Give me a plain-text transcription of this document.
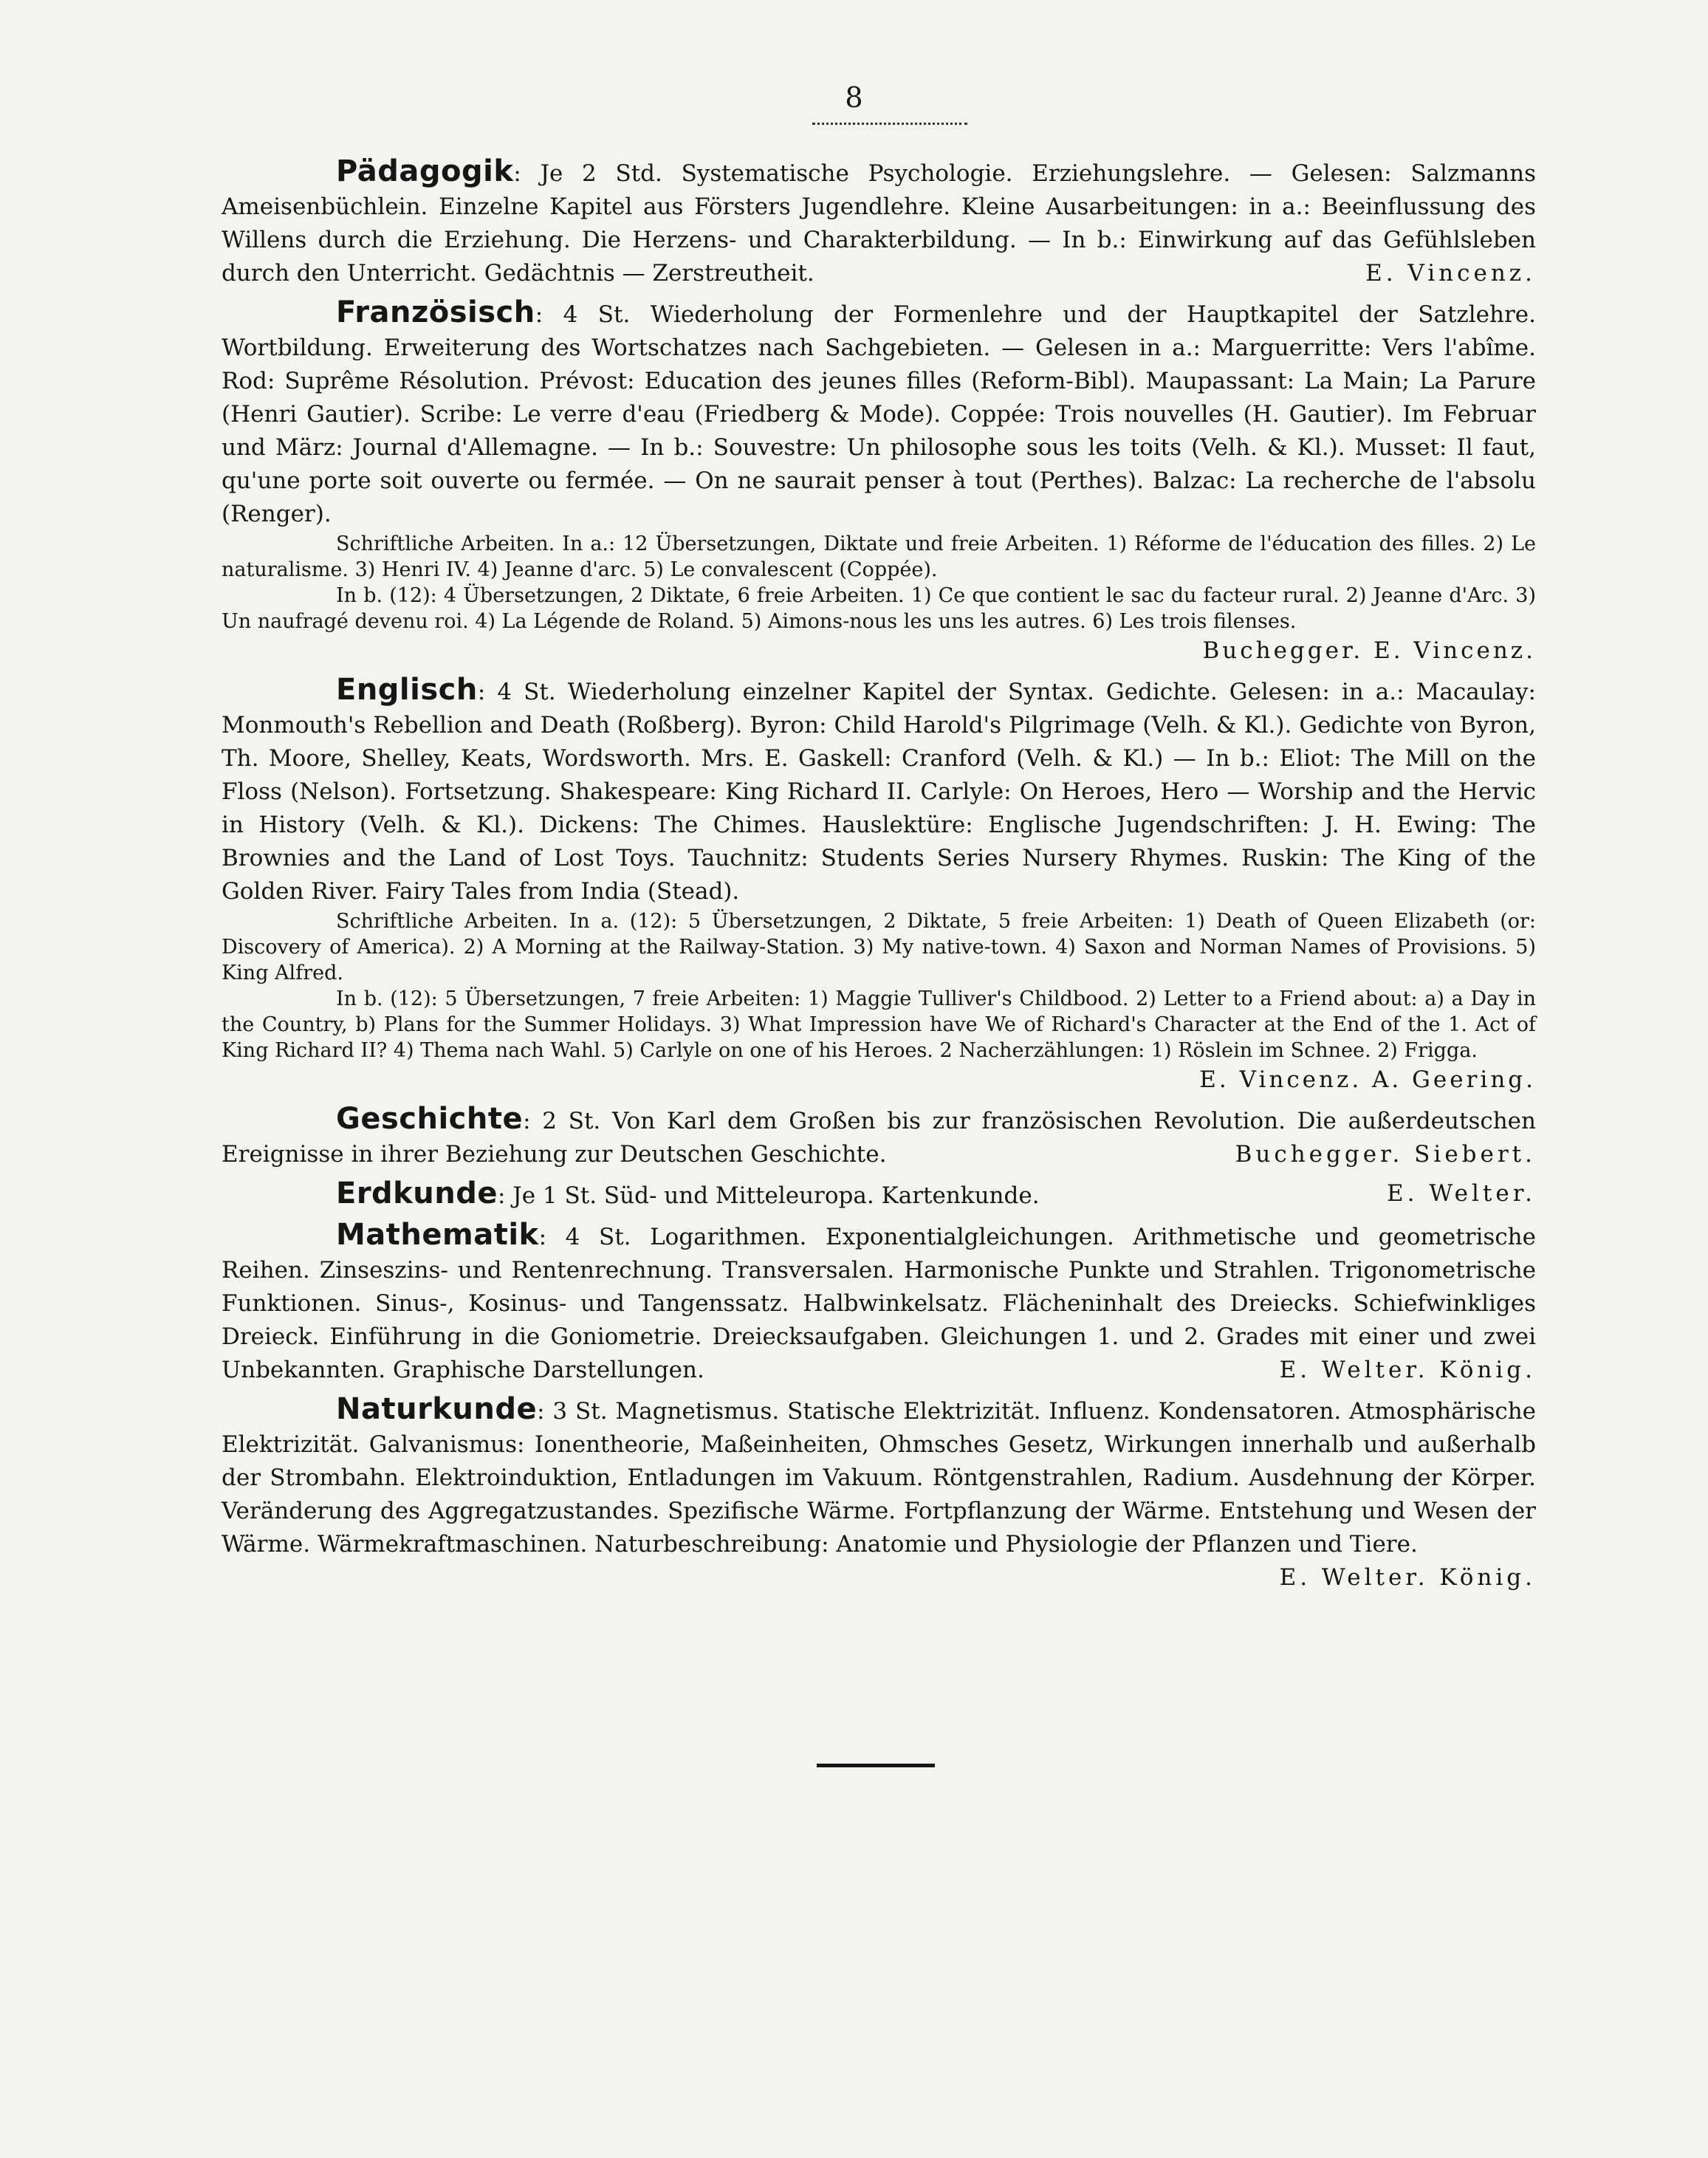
8

Pädagogik: Je 2 Std. Systematische Psychologie. Erziehungslehre. — Gelesen: Salzmanns Ameisenbüchlein. Einzelne Kapitel aus Försters Jugendlehre. Kleine Ausarbeitungen: in a.: Beeinflussung des Willens durch die Erziehung. Die Herzens- und Charakterbildung. — In b.: Einwirkung auf das Gefühlsleben durch den Unterricht. Gedächtnis — Zerstreutheit.	E. Vincenz.

Französisch: 4 St. Wiederholung der Formenlehre und der Hauptkapitel der Satzlehre. Wortbildung. Erweiterung des Wortschatzes nach Sachgebieten. — Gelesen in a.: Marguerritte: Vers l'abîme. Rod: Suprême Résolution. Prévost: Education des jeunes filles (Reform-Bibl). Maupassant: La Main; La Parure (Henri Gautier). Scribe: Le verre d'eau (Friedberg & Mode). Coppée: Trois nouvelles (H. Gautier). Im Februar und März: Journal d'Allemagne. — In b.: Souvestre: Un philosophe sous les toits (Velh. & Kl.). Musset: Il faut, qu'une porte soit ouverte ou fermée. — On ne saurait penser à tout (Perthes). Balzac: La recherche de l'absolu (Renger).

Schriftliche Arbeiten. In a.: 12 Übersetzungen, Diktate und freie Arbeiten. 1) Réforme de l'éducation des filles. 2) Le naturalisme. 3) Henri IV. 4) Jeanne d'arc. 5) Le convalescent (Coppée).

In b. (12): 4 Übersetzungen, 2 Diktate, 6 freie Arbeiten. 1) Ce que contient le sac du facteur rural. 2) Jeanne d'Arc. 3) Un naufragé devenu roi. 4) La Légende de Roland. 5) Aimons-nous les uns les autres. 6) Les trois filenses.

Buchegger. E. Vincenz.

Englisch: 4 St. Wiederholung einzelner Kapitel der Syntax. Gedichte. Gelesen: in a.: Macaulay: Monmouth's Rebellion and Death (Roßberg). Byron: Child Harold's Pilgrimage (Velh. & Kl.). Gedichte von Byron, Th. Moore, Shelley, Keats, Wordsworth. Mrs. E. Gaskell: Cranford (Velh. & Kl.) — In b.: Eliot: The Mill on the Floss (Nelson). Fortsetzung. Shakespeare: King Richard II. Carlyle: On Heroes, Hero — Worship and the Hervic in History (Velh. & Kl.). Dickens: The Chimes. Hauslektüre: Englische Jugendschriften: J. H. Ewing: The Brownies and the Land of Lost Toys. Tauchnitz: Students Series Nursery Rhymes. Ruskin: The King of the Golden River. Fairy Tales from India (Stead).

Schriftliche Arbeiten. In a. (12): 5 Übersetzungen, 2 Diktate, 5 freie Arbeiten: 1) Death of Queen Elizabeth (or: Discovery of America). 2) A Morning at the Railway-Station. 3) My native-town. 4) Saxon and Norman Names of Provisions. 5) King Alfred.

In b. (12): 5 Übersetzungen, 7 freie Arbeiten: 1) Maggie Tulliver's Childbood. 2) Letter to a Friend about: a) a Day in the Country, b) Plans for the Summer Holidays. 3) What Impression have We of Richard's Character at the End of the 1. Act of King Richard II? 4) Thema nach Wahl. 5) Carlyle on one of his Heroes. 2 Nacherzählungen: 1) Röslein im Schnee. 2) Frigga.

E. Vincenz. A. Geering.

Geschichte: 2 St. Von Karl dem Großen bis zur französischen Revolution. Die außerdeutschen Ereignisse in ihrer Beziehung zur Deutschen Geschichte.	Buchegger. Siebert.

Erdkunde: Je 1 St. Süd- und Mitteleuropa. Kartenkunde.	E. Welter.

Mathematik: 4 St. Logarithmen. Exponentialgleichungen. Arithmetische und geometrische Reihen. Zinseszins- und Rentenrechnung. Transversalen. Harmonische Punkte und Strahlen. Trigonometrische Funktionen. Sinus-, Kosinus- und Tangenssatz. Halbwinkelsatz. Flächeninhalt des Dreiecks. Schiefwinkliges Dreieck. Einführung in die Goniometrie. Dreiecksaufgaben. Gleichungen 1. und 2. Grades mit einer und zwei Unbekannten. Graphische Darstellungen.	E. Welter. König.

Naturkunde: 3 St. Magnetismus. Statische Elektrizität. Influenz. Kondensatoren. Atmosphärische Elektrizität. Galvanismus: Ionentheorie, Maßeinheiten, Ohmsches Gesetz, Wirkungen innerhalb und außerhalb der Strombahn. Elektroinduktion, Entladungen im Vakuum. Röntgenstrahlen, Radium. Ausdehnung der Körper. Veränderung des Aggregatzustandes. Spezifische Wärme. Fortpflanzung der Wärme. Entstehung und Wesen der Wärme. Wärmekraftmaschinen. Naturbeschreibung: Anatomie und Physiologie der Pflanzen und Tiere.
E. Welter. König.
